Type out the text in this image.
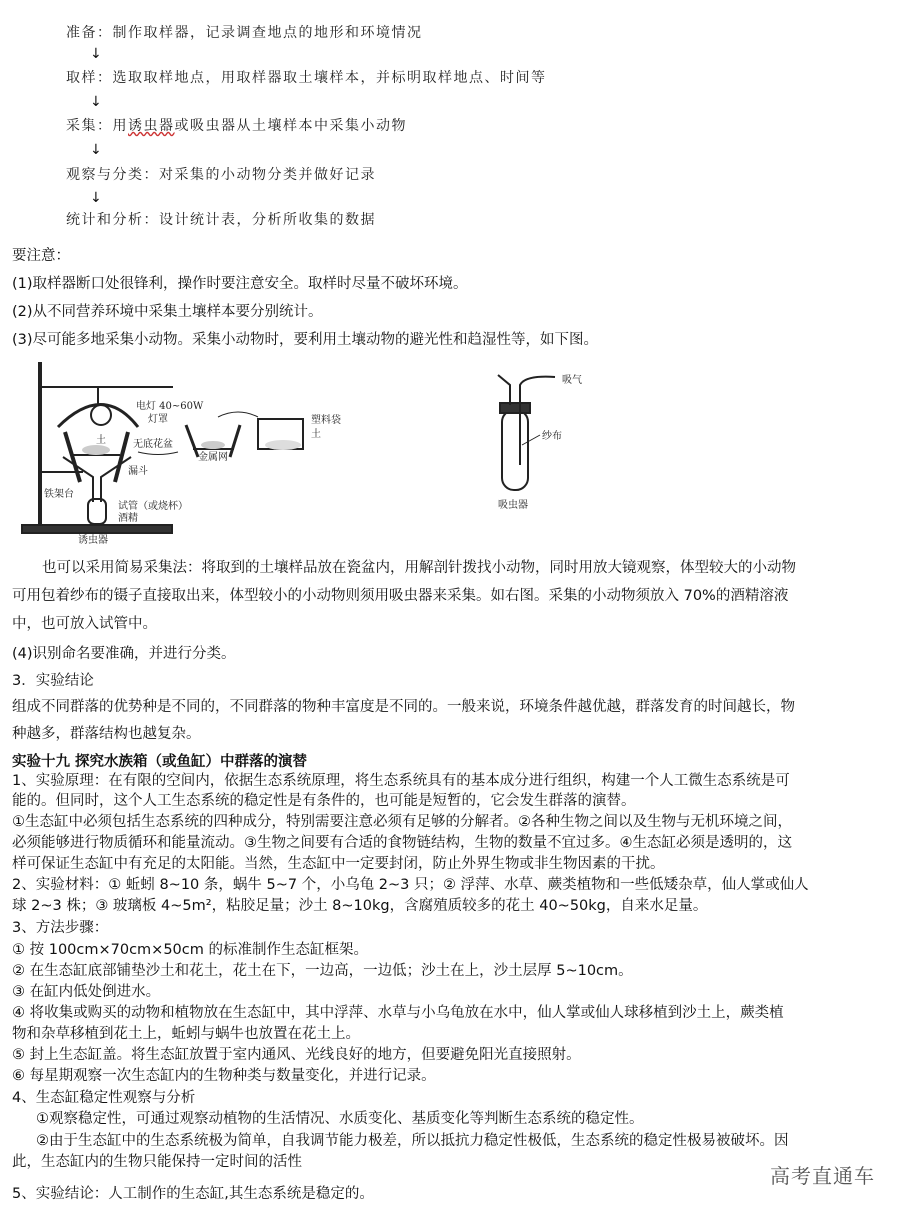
准备：制作取样器，记录调查地点的地形和环境情况
↓
取样：选取取样地点，用取样器取土壤样本，并标明取样地点、时间等
↓
采集：用诱虫器或吸虫器从土壤样本中采集小动物
↓
观察与分类：对采集的小动物分类并做好记录
↓
统计和分析：设计统计表，分析所收集的数据
要注意：
(1)取样器断口处很锋利，操作时要注意安全。取样时尽量不破坏环境。
(2)从不同营养环境中采集土壤样本要分别统计。
(3)尽可能多地采集小动物。采集小动物时，要利用土壤动物的避光性和趋湿性等，如下图。
电灯 40~60W
灯罩
土	无底花盆
金属网
塑料袋
土
漏斗
铁架台
试管（或烧杯）
酒精
诱虫器
吸气
纱布
吸虫器
也可以采用简易采集法：将取到的土壤样品放在瓷盆内，用解剖针拨找小动物，同时用放大镜观察，体型较大的小动物
可用包着纱布的镊子直接取出来，体型较小的小动物则须用吸虫器来采集。如右图。采集的小动物须放入 70%的酒精溶液
中，也可放入试管中。
(4)识别命名要准确，并进行分类。
3．实验结论
组成不同群落的优势种是不同的，不同群落的物种丰富度是不同的。一般来说，环境条件越优越，群落发育的时间越长，物
种越多，群落结构也越复杂。
实验十九 探究水族箱（或鱼缸）中群落的演替
1、实验原理：在有限的空间内，依据生态系统原理，将生态系统具有的基本成分进行组织，构建一个人工微生态系统是可
能的。但同时，这个人工生态系统的稳定性是有条件的，也可能是短暂的，它会发生群落的演替。
①生态缸中必须包括生态系统的四种成分，特别需要注意必须有足够的分解者。②各种生物之间以及生物与无机环境之间，
必须能够进行物质循环和能量流动。③生物之间要有合适的食物链结构，生物的数量不宜过多。④生态缸必须是透明的，这
样可保证生态缸中有充足的太阳能。当然，生态缸中一定要封闭，防止外界生物或非生物因素的干扰。
2、实验材料：① 蚯蚓 8~10 条，蜗牛 5~7 个，小乌龟 2~3 只；② 浮萍、水草、蕨类植物和一些低矮杂草，仙人掌或仙人
球 2~3 株；③ 玻璃板 4~5m²，粘胶足量；沙土 8~10kg，含腐殖质较多的花土 40~50kg，自来水足量。
3、方法步骤：
① 按 100cm×70cm×50cm 的标准制作生态缸框架。
② 在生态缸底部铺垫沙土和花土，花土在下，一边高，一边低；沙土在上，沙土层厚 5~10cm。
③ 在缸内低处倒进水。
④ 将收集或购买的动物和植物放在生态缸中，其中浮萍、水草与小乌龟放在水中，仙人掌或仙人球移植到沙土上，蕨类植
物和杂草移植到花土上，蚯蚓与蜗牛也放置在花土上。
⑤ 封上生态缸盖。将生态缸放置于室内通风、光线良好的地方，但要避免阳光直接照射。
⑥ 每星期观察一次生态缸内的生物种类与数量变化，并进行记录。
4、生态缸稳定性观察与分析
①观察稳定性，可通过观察动植物的生活情况、水质变化、基质变化等判断生态系统的稳定性。
②由于生态缸中的生态系统极为简单，自我调节能力极差，所以抵抗力稳定性极低，生态系统的稳定性极易被破坏。因
此，生态缸内的生物只能保持一定时间的活性
5、实验结论：人工制作的生态缸,其生态系统是稳定的。
高考直通车
